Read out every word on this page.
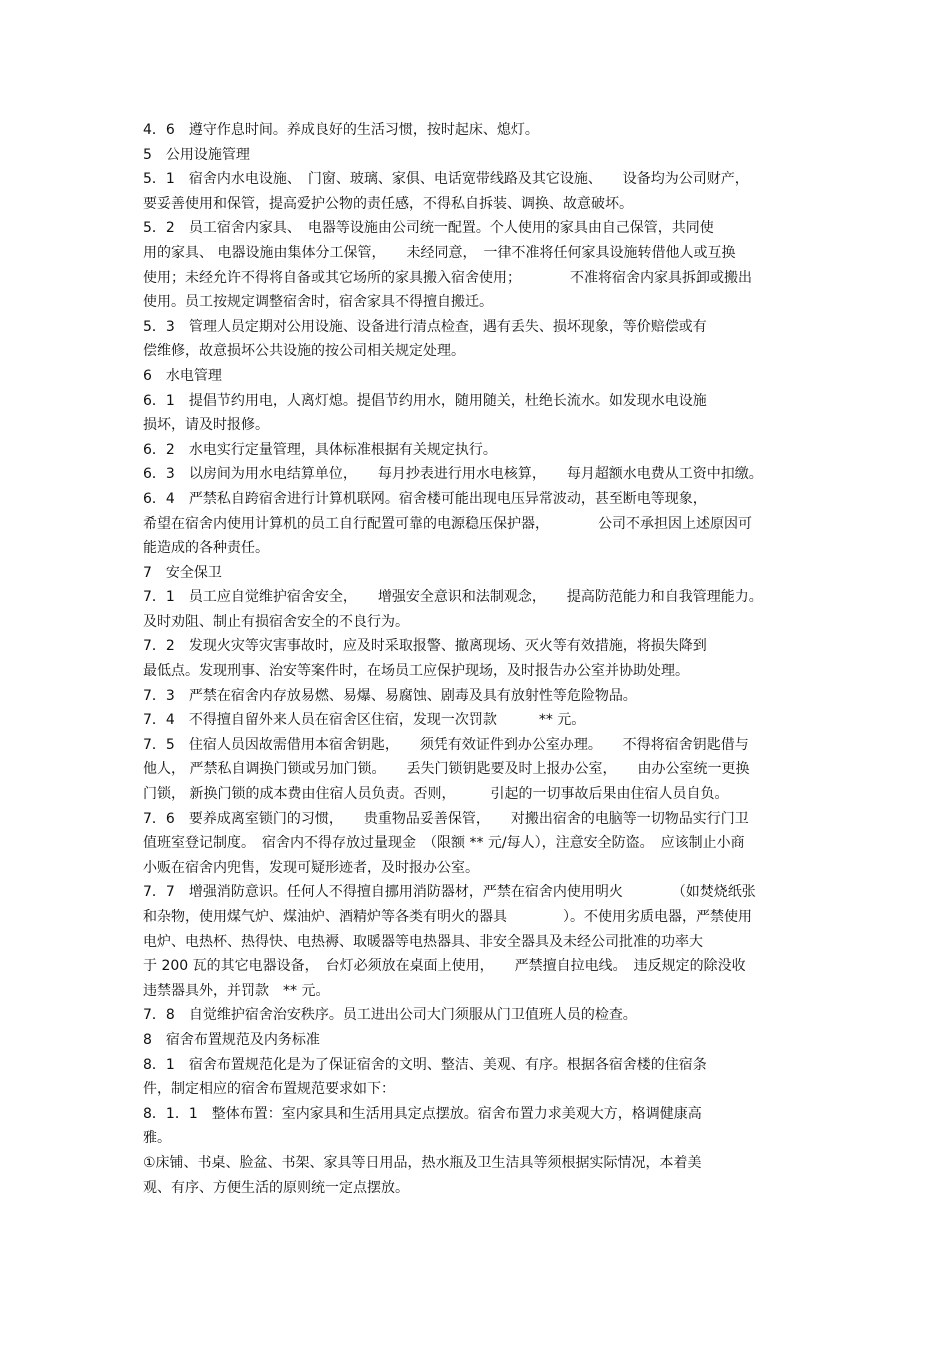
4．6　遵守作息时间。养成良好的生活习惯，按时起床、熄灯。
5　公用设施管理
5．1　宿舍内水电设施、　门窗、玻璃、家俱、电话宽带线路及其它设施、　　设备均为公司财产，
要妥善使用和保管，提高爱护公物的责任感，不得私自拆装、调换、故意破坏。
5．2　员工宿舍内家具、　电器等设施由公司统一配置。个人使用的家具由自己保管，共同使
用的家具、 电器设施由集体分工保管，　　未经同意，　一律不准将任何家具设施转借他人或互换
使用；未经允许不得将自备或其它场所的家具搬入宿舍使用；　　　　不准将宿舍内家具拆卸或搬出
使用。员工按规定调整宿舍时，宿舍家具不得擅自搬迁。
5．3　管理人员定期对公用设施、设备进行清点检查，遇有丢失、损坏现象，等价赔偿或有
偿维修，故意损坏公共设施的按公司相关规定处理。
6　水电管理
6．1　提倡节约用电，人离灯熄。提倡节约用水，随用随关，杜绝长流水。如发现水电设施
损坏，请及时报修。
6．2　水电实行定量管理，具体标准根据有关规定执行。
6．3　以房间为用水电结算单位，　　每月抄表进行用水电核算，　　每月超额水电费从工资中扣缴。
6．4　严禁私自跨宿舍进行计算机联网。宿舍楼可能出现电压异常波动，甚至断电等现象，
希望在宿舍内使用计算机的员工自行配置可靠的电源稳压保护器，　　　　公司不承担因上述原因可
能造成的各种责任。
7　安全保卫
7．1　员工应自觉维护宿舍安全，　　增强安全意识和法制观念，　　提高防范能力和自我管理能力。
及时劝阻、制止有损宿舍安全的不良行为。
7．2　发现火灾等灾害事故时，应及时采取报警、撤离现场、灭火等有效措施，将损失降到
最低点。发现刑事、治安等案件时，在场员工应保护现场，及时报告办公室并协助处理。
7．3　严禁在宿舍内存放易燃、易爆、易腐蚀、剧毒及具有放射性等危险物品。
7．4　不得擅自留外来人员在宿舍区住宿，发现一次罚款　　　** 元。
7．5　住宿人员因故需借用本宿舍钥匙，　　须凭有效证件到办公室办理。　　不得将宿舍钥匙借与
他人， 严禁私自调换门锁或另加门锁。　　丢失门锁钥匙要及时上报办公室，　　由办公室统一更换
门锁， 新换门锁的成本费由住宿人员负责。否则，　　　引起的一切事故后果由住宿人员自负。
7．6　要养成离室锁门的习惯，　　贵重物品妥善保管，　　对搬出宿舍的电脑等一切物品实行门卫
值班室登记制度。　宿舍内不得存放过量现金　（限额 ** 元/每人），注意安全防盗。　应该制止小商
小贩在宿舍内兜售，发现可疑形迹者，及时报办公室。
7．7　增强消防意识。任何人不得擅自挪用消防器材，严禁在宿舍内使用明火　　　　（如焚烧纸张
和杂物，使用煤气炉、煤油炉、酒精炉等各类有明火的器具　　　　）。不使用劣质电器，严禁使用
电炉、电热杯、热得快、电热褥、取暖器等电热器具、非安全器具及未经公司批准的功率大
于 200 瓦的其它电器设备，　台灯必须放在桌面上使用，　　严禁擅自拉电线。　违反规定的除没收
违禁器具外，并罚款　** 元。
7．8　自觉维护宿舍治安秩序。员工进出公司大门须服从门卫值班人员的检查。
8　宿舍布置规范及内务标准
8．1　宿舍布置规范化是为了保证宿舍的文明、整洁、美观、有序。根据各宿舍楼的住宿条
件，制定相应的宿舍布置规范要求如下：
8．1．1　整体布置：室内家具和生活用具定点摆放。宿舍布置力求美观大方，格调健康高
雅。
①床铺、书桌、脸盆、书架、家具等日用品，热水瓶及卫生洁具等须根据实际情况，本着美
观、有序、方便生活的原则统一定点摆放。
